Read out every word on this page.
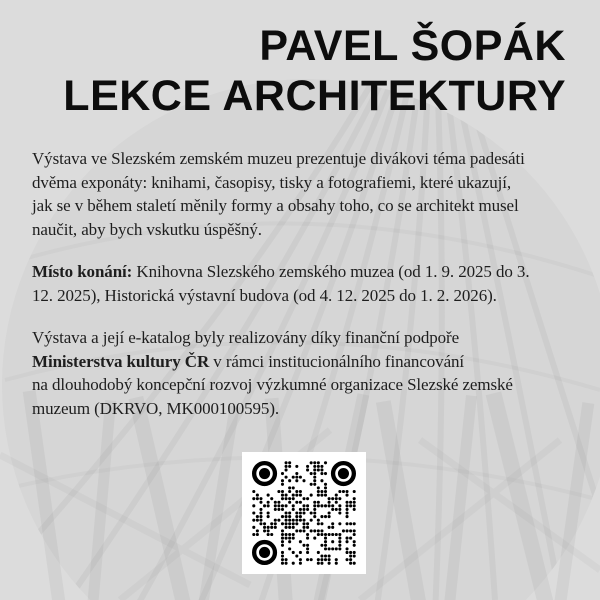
PAVEL ŠOPÁK
LEKCE ARCHITEKTURY

Výstava ve Slezském zemském muzeu prezentuje divákovi téma padesáti
dvěma exponáty: knihami, časopisy, tisky a fotografiemi, které ukazují,
jak se v během staletí měnily formy a obsahy toho, co se architekt musel
naučit, aby bych vskutku úspěšný.

Místo konání: Knihovna Slezského zemského muzea (od 1. 9. 2025 do 3.
12. 2025), Historická výstavní budova (od 4. 12. 2025 do 1. 2. 2026).

Výstava a její e-katalog byly realizovány díky finanční podpoře
Ministerstva kultury ČR v rámci institucionálního financování
na dlouhodobý koncepční rozvoj výzkumné organizace Slezské zemské
muzeum (DKRVO, MK000100595).
